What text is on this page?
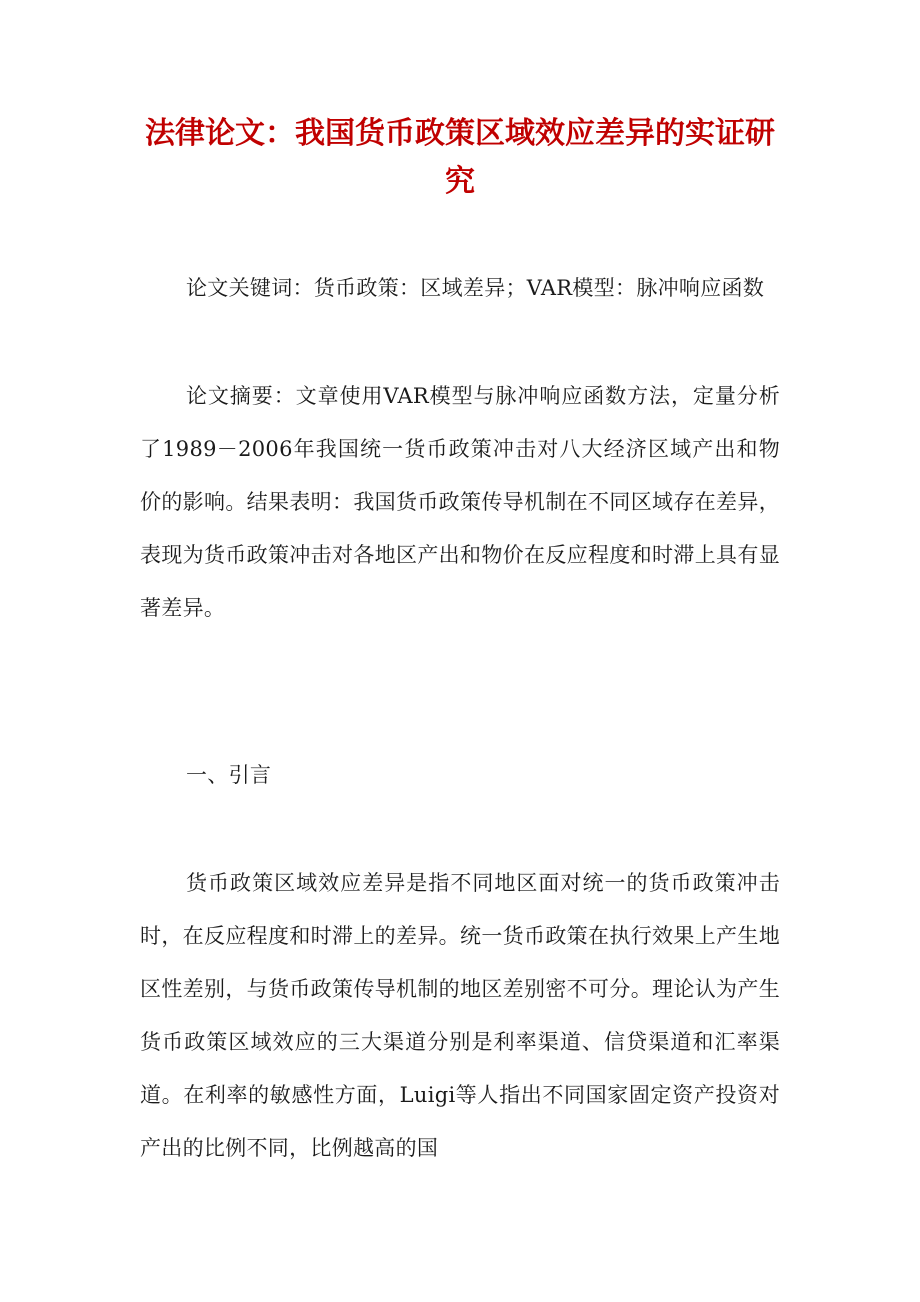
法律论文：我国货币政策区域效应差异的实证研究

论文关键词：货币政策：区域差异；VAR模型：脉冲响应函数

论文摘要：文章使用VAR模型与脉冲响应函数方法，定量分析了1989－2006年我国统一货币政策冲击对八大经济区域产出和物价的影响。结果表明：我国货币政策传导机制在不同区域存在差异，表现为货币政策冲击对各地区产出和物价在反应程度和时滞上具有显著差异。

一、引言

货币政策区域效应差异是指不同地区面对统一的货币政策冲击时，在反应程度和时滞上的差异。统一货币政策在执行效果上产生地区性差别，与货币政策传导机制的地区差别密不可分。理论认为产生货币政策区域效应的三大渠道分别是利率渠道、信贷渠道和汇率渠道。在利率的敏感性方面，Luigi等人指出不同国家固定资产投资对产出的比例不同，比例越高的国
